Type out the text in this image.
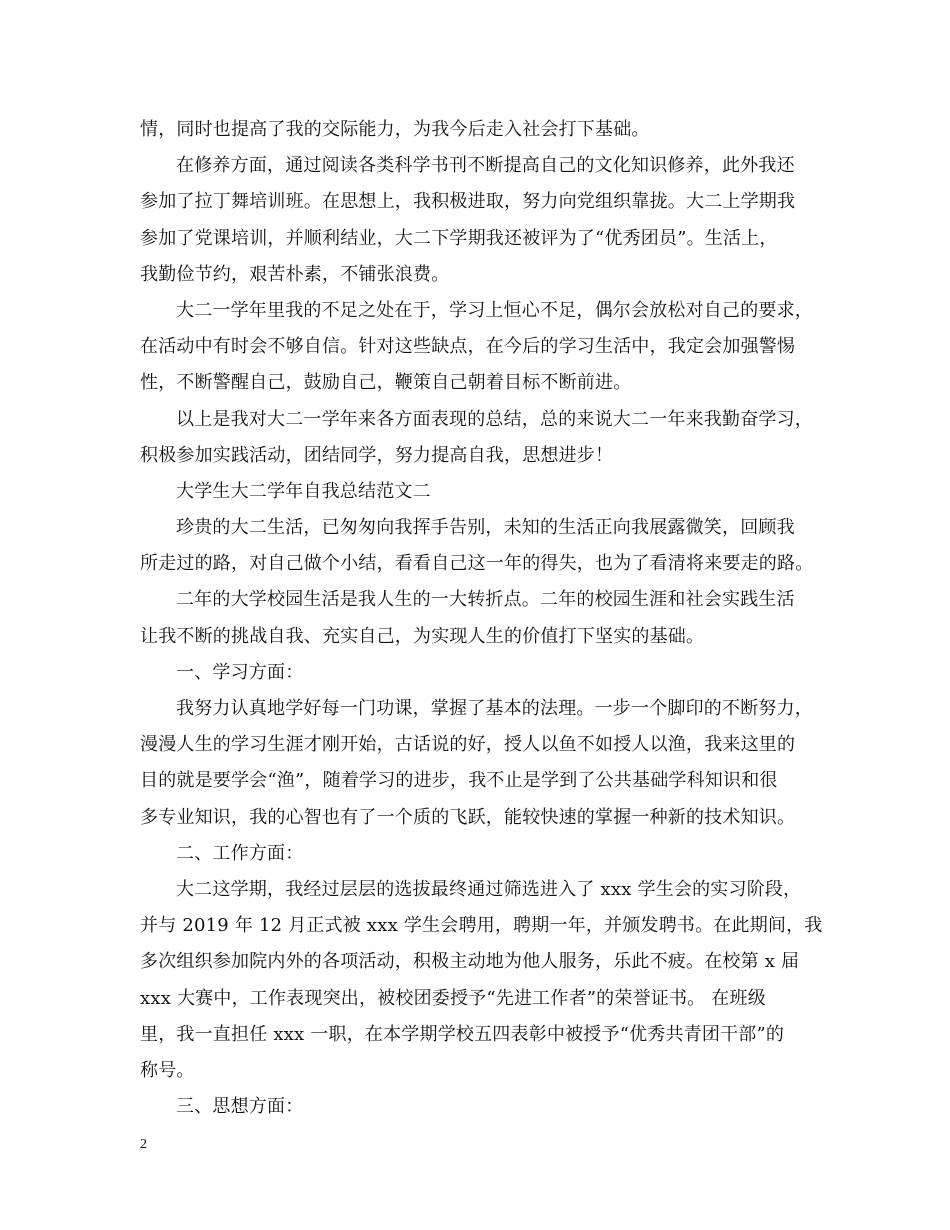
情，同时也提高了我的交际能力，为我今后走入社会打下基础。
在修养方面，通过阅读各类科学书刊不断提高自己的文化知识修养，此外我还
参加了拉丁舞培训班。在思想上，我积极进取，努力向党组织靠拢。大二上学期我
参加了党课培训，并顺利结业，大二下学期我还被评为了“优秀团员”。生活上，
我勤俭节约，艰苦朴素，不铺张浪费。
大二一学年里我的不足之处在于，学习上恒心不足，偶尔会放松对自己的要求，
在活动中有时会不够自信。针对这些缺点，在今后的学习生活中，我定会加强警惕
性，不断警醒自己，鼓励自己，鞭策自己朝着目标不断前进。
以上是我对大二一学年来各方面表现的总结，总的来说大二一年来我勤奋学习，
积极参加实践活动，团结同学，努力提高自我，思想进步！
大学生大二学年自我总结范文二
珍贵的大二生活，已匆匆向我挥手告别，未知的生活正向我展露微笑，回顾我
所走过的路，对自己做个小结，看看自己这一年的得失，也为了看清将来要走的路。
二年的大学校园生活是我人生的一大转折点。二年的校园生涯和社会实践生活
让我不断的挑战自我、充实自己，为实现人生的价值打下坚实的基础。
一、学习方面：
我努力认真地学好每一门功课，掌握了基本的法理。一步一个脚印的不断努力，
漫漫人生的学习生涯才刚开始，古话说的好，授人以鱼不如授人以渔，我来这里的
目的就是要学会“渔”，随着学习的进步，我不止是学到了公共基础学科知识和很
多专业知识，我的心智也有了一个质的飞跃，能较快速的掌握一种新的技术知识。
二、工作方面：
大二这学期，我经过层层的选拔最终通过筛选进入了 xxx 学生会的实习阶段，
并与 2019 年 12 月正式被 xxx 学生会聘用，聘期一年，并颁发聘书。在此期间，我
多次组织参加院内外的各项活动，积极主动地为他人服务，乐此不疲。在校第 x 届
xxx 大赛中，工作表现突出，被校团委授予“先进工作者”的荣誉证书。 在班级
里，我一直担任 xxx 一职，在本学期学校五四表彰中被授予“优秀共青团干部”的
称号。
三、思想方面：
2
